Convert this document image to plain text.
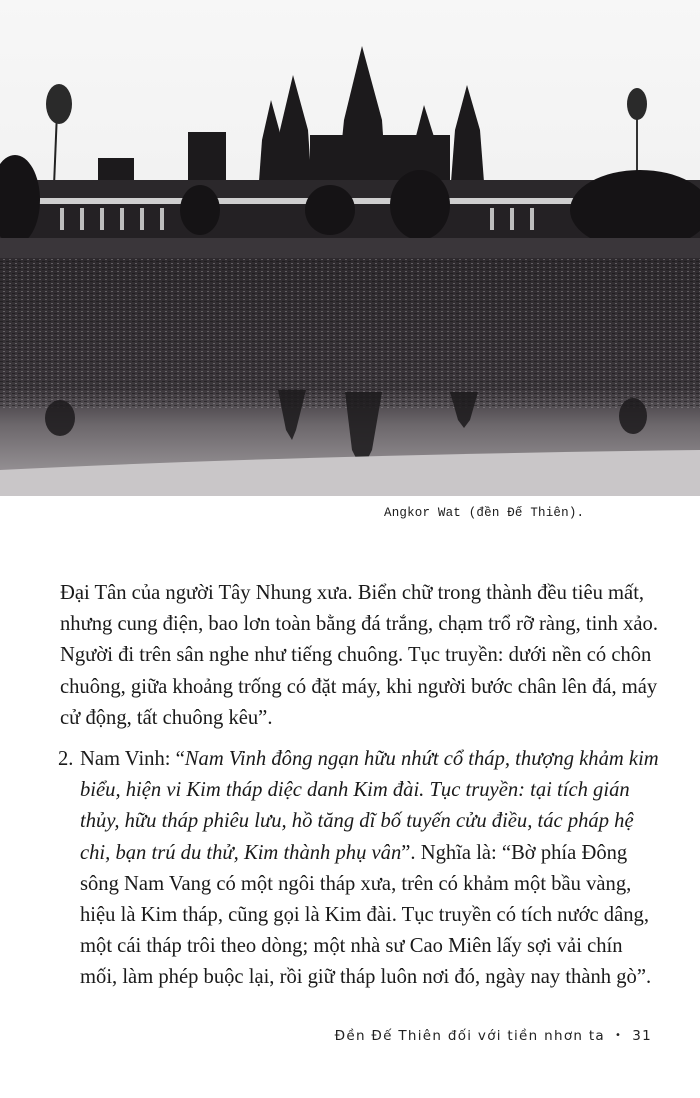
Angkor Wat (đền Đế Thiên).

Đại Tân của người Tây Nhung xưa. Biển chữ trong thành đều tiêu mất, nhưng cung điện, bao lơn toàn bằng đá trắng, chạm trổ rỡ ràng, tinh xảo. Người đi trên sân nghe như tiếng chuông. Tục truyền: dưới nền có chôn chuông, giữa khoảng trống có đặt máy, khi người bước chân lên đá, máy cử động, tất chuông kêu”.

2. Nam Vinh: “Nam Vinh đông ngạn hữu nhứt cổ tháp, thượng khảm kim biểu, hiện vi Kim tháp diệc danh Kim đài. Tục truyền: tại tích gián thủy, hữu tháp phiêu lưu, hồ tăng dĩ bố tuyến cửu điều, tác pháp hệ chi, bạn trú du thử, Kim thành phụ vân”. Nghĩa là: “Bờ phía Đông sông Nam Vang có một ngôi tháp xưa, trên có khảm một bầu vàng, hiệu là Kim tháp, cũng gọi là Kim đài. Tục truyền có tích nước dâng, một cái tháp trôi theo dòng; một nhà sư Cao Miên lấy sợi vải chín mối, làm phép buộc lại, rồi giữ tháp luôn nơi đó, ngày nay thành gò”.
Đền Đế Thiên đối với tiền nhơn ta • 31
